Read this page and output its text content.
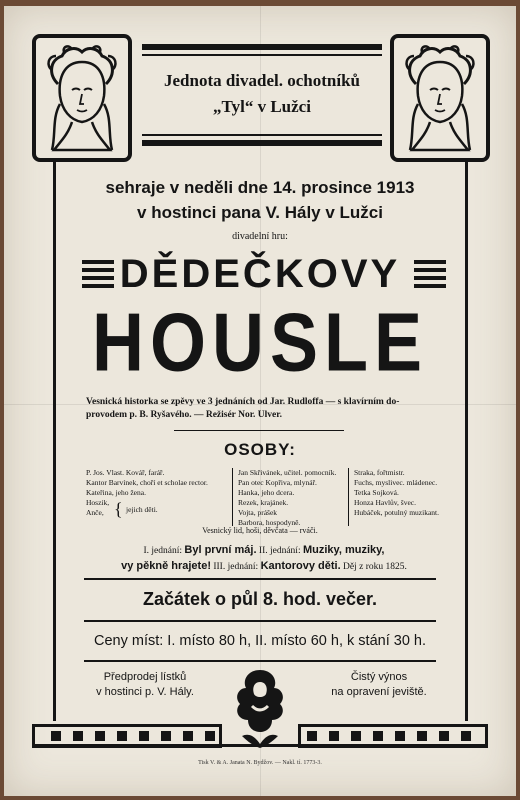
Jednota divadel. ochotníků
„Tyl“ v Lužci
sehraje v neděli dne 14. prosince 1913
v hostinci pana V. Hály v Lužci
divadelní hru:
DĚDEČKOVY
HOUSLE
Vesnická historka se zpěvy ve 3 jednáních od Jar. Rudloffa — s klavírním do-
provodem p. B. Ryšavého. — Režisér Nor. Ulver.
OSOBY:
P. Jos. Vlast. Kovář, farář.
Kantor Barvínek, choří et scholae rector.
Kateřina, jeho žena.
Hoszik,
Anče, { jejich děti.
Jan Skřivánek, učitel. pomocník.
Pan otec Kopřiva, mlynář.
Hanka, jeho dcera.
Rezek, krajánek.
Vojta, prášek
Barbora, hospodyně.
Straka, fořtmistr.
Fuchs, myslivec. mládenec.
Tetka Sojková.
Honza Havlův, švec.
Hubáček, potulný muzikant.
Vesnický lid, hoši, děvčata — rváči.
I. jednání: Byl první máj. II. jednání: Muziky, muziky,
vy pěkně hrajete! III. jednání: Kantorovy děti. Děj z roku 1825.
Začátek o půl 8. hod. večer.
Ceny míst: I. místo 80 h, II. místo 60 h, k stání 30 h.
Předprodej lístků
v hostinci p. V. Hály.
Čistý výnos
na opravení jeviště.
Tisk V. & A. Janata N. Bydžov. — Nakl. tí. 1773-3.
